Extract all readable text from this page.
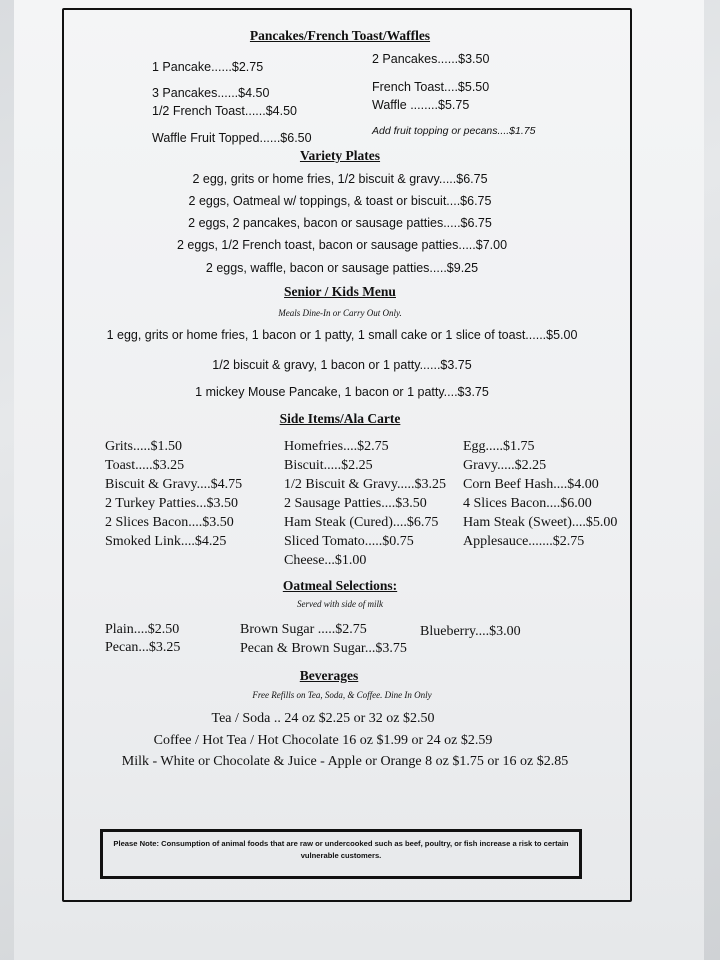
Pancakes/French Toast/Waffles
1 Pancake......$2.75
2 Pancakes......$3.50
3 Pancakes......$4.50	French Toast....$5.50
1/2 French Toast......$4.50	Waffle ........$5.75
Waffle Fruit Topped......$6.50	Add fruit topping or pecans....$1.75
Variety Plates
2 egg, grits or home fries, 1/2 biscuit & gravy.....$6.75
2 eggs, Oatmeal w/ toppings, & toast or biscuit....$6.75
2 eggs, 2 pancakes, bacon or sausage patties.....$6.75
2 eggs, 1/2 French toast, bacon or sausage patties.....$7.00
2 eggs, waffle, bacon or sausage patties.....$9.25
Senior / Kids Menu
Meals Dine-In or Carry Out Only.
1 egg, grits or home fries, 1 bacon or 1 patty, 1 small cake or 1 slice of toast......$5.00
1/2 biscuit & gravy, 1 bacon or 1 patty......$3.75
1 mickey Mouse Pancake, 1 bacon or 1 patty....$3.75
Side Items/Ala Carte
Grits.....$1.50
Toast.....$3.25
Biscuit & Gravy....$4.75
2 Turkey Patties...$3.50
2 Slices Bacon....$3.50
Smoked Link....$4.25
Homefries....$2.75
Biscuit.....$2.25
1/2 Biscuit & Gravy.....$3.25
2 Sausage Patties....$3.50
Ham Steak (Cured)....$6.75
Sliced Tomato.....$0.75
Cheese...$1.00
Egg.....$1.75
Gravy.....$2.25
Corn Beef Hash....$4.00
4 Slices Bacon....$6.00
Ham Steak (Sweet)....$5.00
Applesauce.......$2.75
Oatmeal Selections:
Served with side of milk
Plain....$2.50	Brown Sugar .....$2.75	Blueberry....$3.00
Pecan...$3.25	Pecan & Brown Sugar...$3.75
Beverages
Free Refills on Tea, Soda, & Coffee. Dine In Only
Tea / Soda .. 24 oz $2.25 or 32 oz $2.50
Coffee / Hot Tea / Hot Chocolate 16 oz $1.99 or 24 oz $2.59
Milk - White or Chocolate & Juice - Apple or Orange 8 oz $1.75 or 16 oz $2.85
Please Note: Consumption of animal foods that are raw or undercooked such as beef, poultry, or fish increase a risk to certain vulnerable customers.
